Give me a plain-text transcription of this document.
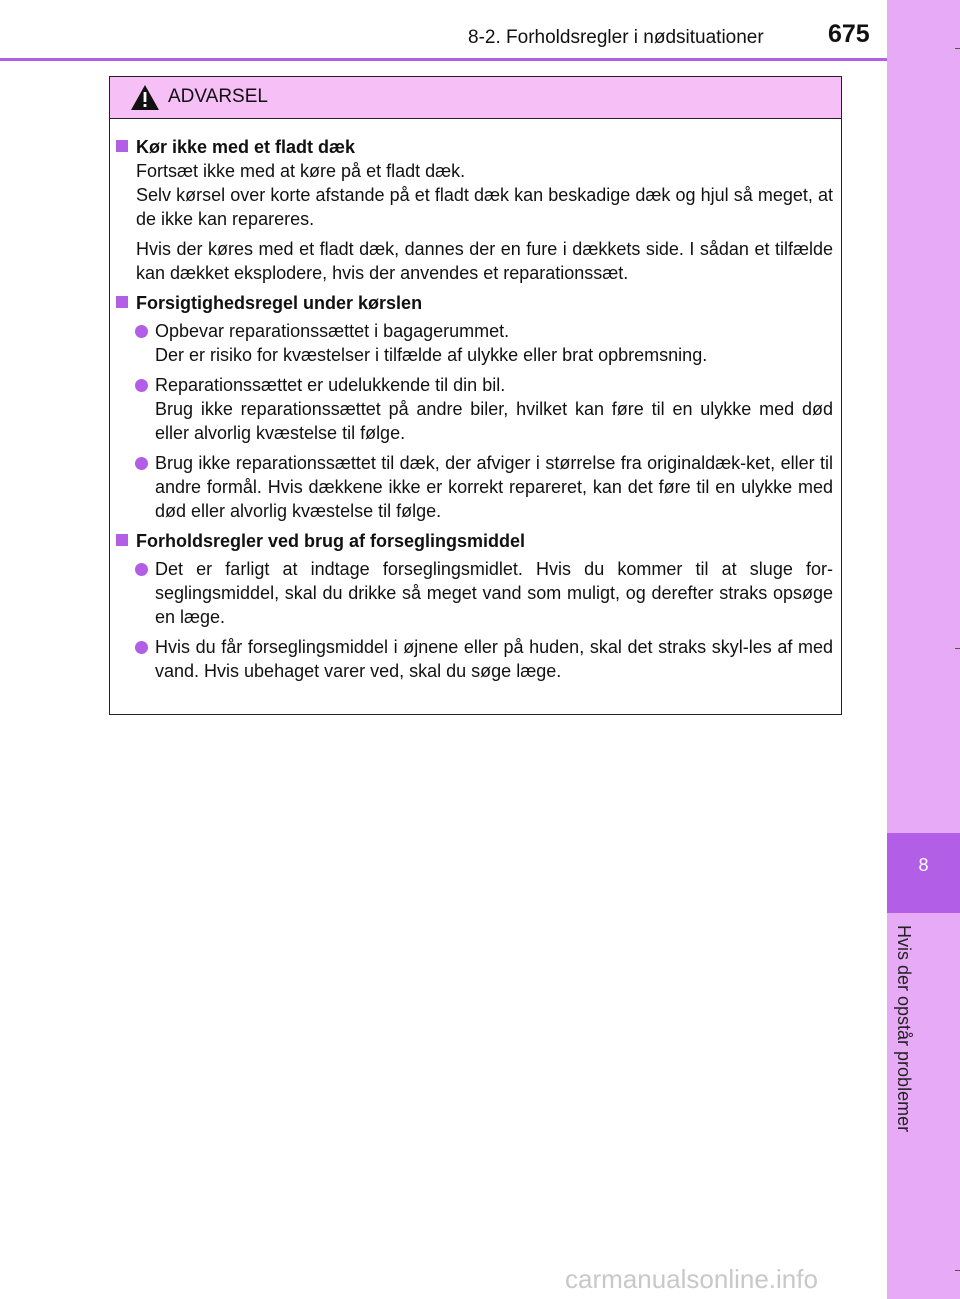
8-2. Forholdsregler i nødsituationer	675
8
Hvis der opstår problemer
ADVARSEL
Kør ikke med et fladt dæk
Fortsæt ikke med at køre på et fladt dæk.
Selv kørsel over korte afstande på et fladt dæk kan beskadige dæk og hjul så meget, at de ikke kan repareres.
Hvis der køres med et fladt dæk, dannes der en fure i dækkets side. I sådan et tilfælde kan dækket eksplodere, hvis der anvendes et reparationssæt.
Forsigtighedsregel under kørslen
Opbevar reparationssættet i bagagerummet.
Der er risiko for kvæstelser i tilfælde af ulykke eller brat opbremsning.
Reparationssættet er udelukkende til din bil.
Brug ikke reparationssættet på andre biler, hvilket kan føre til en ulykke med død eller alvorlig kvæstelse til følge.
Brug ikke reparationssættet til dæk, der afviger i størrelse fra originaldæk-ket, eller til andre formål. Hvis dækkene ikke er korrekt repareret, kan det føre til en ulykke med død eller alvorlig kvæstelse til følge.
Forholdsregler ved brug af forseglingsmiddel
Det er farligt at indtage forseglingsmidlet. Hvis du kommer til at sluge for-seglingsmiddel, skal du drikke så meget vand som muligt, og derefter straks opsøge en læge.
Hvis du får forseglingsmiddel i øjnene eller på huden, skal det straks skyl-les af med vand. Hvis ubehaget varer ved, skal du søge læge.
carmanualsonline.info
